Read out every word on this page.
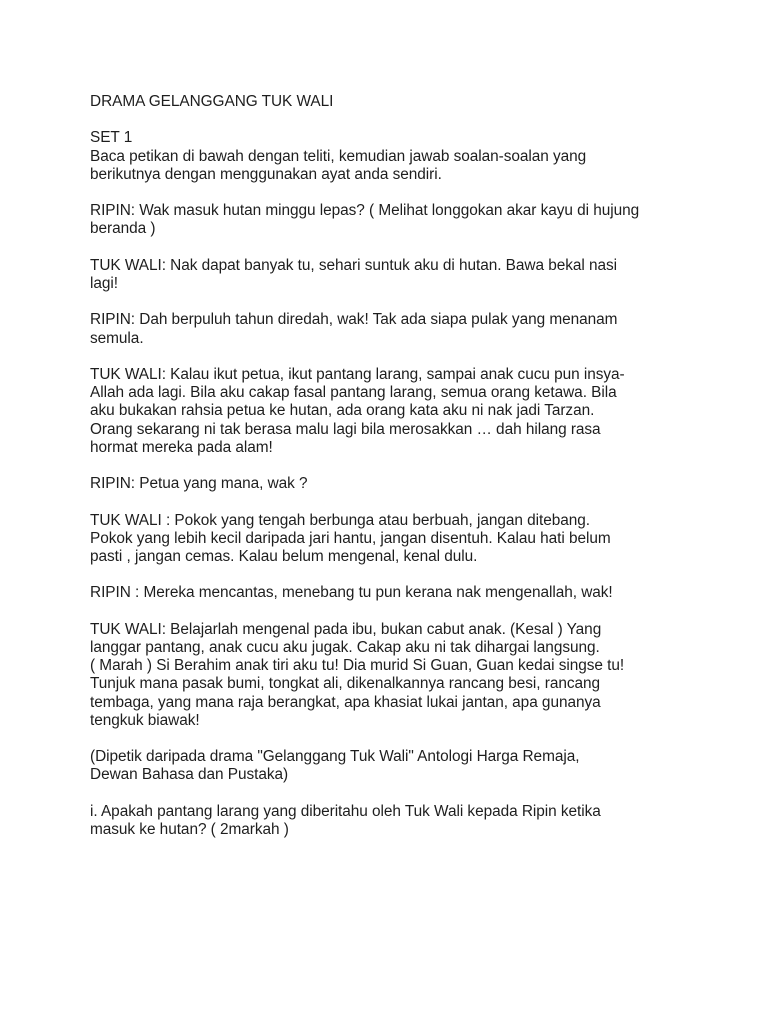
DRAMA GELANGGANG TUK WALI

SET 1

Baca petikan di bawah dengan teliti, kemudian jawab soalan-soalan yang
berikutnya dengan menggunakan ayat anda sendiri.

RIPIN: Wak masuk hutan minggu lepas? ( Melihat longgokan akar kayu di hujung
beranda )

TUK WALI: Nak dapat banyak tu, sehari suntuk aku di hutan. Bawa bekal nasi
lagi!

RIPIN: Dah berpuluh tahun diredah, wak! Tak ada siapa pulak yang menanam
semula.

TUK WALI: Kalau ikut petua, ikut pantang larang, sampai anak cucu pun insya-
Allah ada lagi. Bila aku cakap fasal pantang larang, semua orang ketawa. Bila
aku bukakan rahsia petua ke hutan, ada orang kata aku ni nak jadi Tarzan.
Orang sekarang ni tak berasa malu lagi bila merosakkan … dah hilang rasa
hormat mereka pada alam!

RIPIN: Petua yang mana, wak ?

TUK WALI : Pokok yang tengah berbunga atau berbuah, jangan ditebang.
Pokok yang lebih kecil daripada jari hantu, jangan disentuh. Kalau hati belum
pasti , jangan cemas. Kalau belum mengenal, kenal dulu.

RIPIN : Mereka mencantas, menebang tu pun kerana nak mengenallah, wak!

TUK WALI: Belajarlah mengenal pada ibu, bukan cabut anak. (Kesal ) Yang
langgar pantang, anak cucu aku jugak. Cakap aku ni tak dihargai langsung.
( Marah ) Si Berahim anak tiri aku tu! Dia murid Si Guan, Guan kedai singse tu!
Tunjuk mana pasak bumi, tongkat ali, dikenalkannya rancang besi, rancang
tembaga, yang mana raja berangkat, apa khasiat lukai jantan, apa gunanya
tengkuk biawak!

(Dipetik daripada drama "Gelanggang Tuk Wali" Antologi Harga Remaja,
Dewan Bahasa dan Pustaka)

i. Apakah pantang larang yang diberitahu oleh Tuk Wali kepada Ripin ketika
masuk ke hutan? ( 2markah )
